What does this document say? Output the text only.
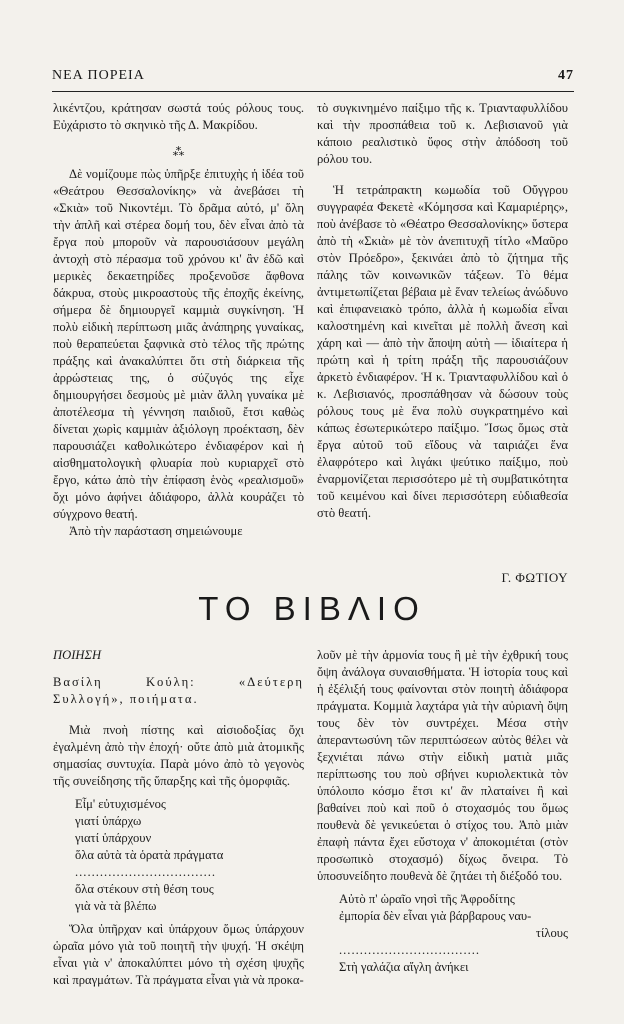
ΝΕΑ ΠΟΡΕΙΑ	47

λικέντζου, κράτησαν σωστά τούς ρόλους τους. Εὐχάριστο τὸ σκηνικὸ τῆς Δ. Μακρίδου.

⁂

Δὲ νομίζουμε πὼς ὑπῆρξε ἐπιτυχὴς ἡ ἰδέα τοῦ «Θεάτρου Θεσσαλονίκης» νὰ ἀνεβάσει τὴ «Σκιὰ» τοῦ Νικοντέμι. Τὸ δρᾶμα αὐτό, μ' ὅλη τὴν ἁπλῆ καὶ στέρεα δομή του, δὲν εἶναι ἀπὸ τὰ ἔργα ποὺ μποροῦν νὰ παρουσιάσουν μεγάλη ἀντοχὴ στὸ πέρασμα τοῦ χρόνου κι' ἂν ἐδῶ καὶ μερικὲς δεκαετηρίδες προξενοῦσε ἄφθονα δάκρυα, στοὺς μικροαστοὺς τῆς ἐποχῆς ἐκείνης, σήμερα δὲ δημιουργεῖ καμμιὰ συγκίνηση. Ἡ πολὺ εἰδικὴ περίπτωση μιᾶς ἀνάπηρης γυναίκας, ποὺ θεραπεύεται ξαφνικὰ στὸ τέλος τῆς πρώτης πράξης καὶ ἀνακαλύπτει ὅτι στὴ διάρκεια τῆς ἀρρώστειας της, ὁ σύζυγός της εἶχε δημιουργήσει δεσμοὺς μὲ μιὰν ἄλλη γυναίκα μὲ ἀποτέλεσμα τὴ γέννηση παιδιοῦ, ἔτσι καθὼς δίνεται χωρὶς καμμιὰν ἀξιόλογη προέκταση, δὲν παρουσιάζει καθολικώτερο ἐνδιαφέρον καὶ ἡ αἰσθηματολογικὴ φλυαρία ποὺ κυριαρχεῖ στὸ ἔργο, κάτω ἀπὸ τὴν ἐπίφαση ἑνὸς «ρεαλισμοῦ» ὄχι μόνο ἀφήνει ἀδιάφορο, ἀλλὰ κουράζει τὸ σύγχρονο θεατή.

Ἀπὸ τὴν παράσταση σημειώνουμε

τὸ συγκινημένο παίξιμο τῆς κ. Τριανταφυλλίδου καὶ τὴν προσπάθεια τοῦ κ. Λεβισιανοῦ γιὰ κάποιο ρεαλιστικὸ ὕφος στὴν ἀπόδοση τοῦ ρόλου του.

Ἡ τετράπρακτη κωμωδία τοῦ Οὔγγρου συγγραφέα Φεκετὲ «Κόμησσα καὶ Καμαριέρης», ποὺ ἀνέβασε τὸ «Θέατρο Θεσσαλονίκης» ὕστερα ἀπὸ τὴ «Σκιὰ» μὲ τὸν ἀνεπιτυχῆ τίτλο «Μαῦρο στὸν Πρόεδρο», ξεκινάει ἀπὸ τὸ ζήτημα τῆς πάλης τῶν κοινωνικῶν τάξεων. Τὸ θέμα ἀντιμετωπίζεται βέβαια μὲ ἕναν τελείως ἀνώδυνο καὶ ἐπιφανειακὸ τρόπο, ἀλλὰ ἡ κωμωδία εἶναι καλοστημένη καὶ κινεῖται μὲ πολλὴ ἄνεση καὶ χάρη καὶ — ἀπὸ τὴν ἄποψη αὐτὴ — ἰδιαίτερα ἡ πρώτη καὶ ἡ τρίτη πράξη τῆς παρουσιάζουν ἀρκετὸ ἐνδιαφέρον. Ἡ κ. Τριανταφυλλίδου καὶ ὁ κ. Λεβισιανός, προσπάθησαν νὰ δώσουν τοὺς ρόλους τους μὲ ἕνα πολὺ συγκρατημένο καὶ κάπως ἐσωτερικώτερο παίξιμο. Ἴσως ὅμως στὰ ἔργα αὐτοῦ τοῦ εἴδους νὰ ταιριάζει ἕνα ἐλαφρότερο καὶ λιγάκι ψεύτικο παίξιμο, ποὺ ἐναρμονίζεται περισσότερο μὲ τὴ συμβατικότητα τοῦ κειμένου καὶ δίνει περισσότερη εὐδιαθεσία στὸ θεατή.

Γ. ΦΩΤΙΟΥ
ΤΟ ΒΙΒΛΙΟ

ΠΟΙΗΣΗ

Βασίλη Κούλη: «Δεύτερη Συλλογή», ποιήματα.

Μιὰ πνοὴ πίστης καὶ αἰσιοδοξίας ὄχι ἐγαλμένη ἀπὸ τὴν ἐποχή· οὔτε ἀπὸ μιὰ ἀτομικῆς σημασίας συντυχία. Παρὰ μόνο ἀπὸ τὸ γεγονὸς τῆς συνείδησης τῆς ὕπαρξης καὶ τῆς ὁμορφιᾶς.

Εἶμ' εὐτυχισμένος
γιατί ὑπάρχω
γιατί ὑπάρχουν
ὅλα αὐτὰ τὰ ὁρατὰ πράγματα
..................................
ὅλα στέκουν στὴ θέση τους
γιὰ νὰ τὰ βλέπω

Ὅλα ὑπῆρχαν καὶ ὑπάρχουν ὅμως ὑπάρχουν ὡραῖα μόνο γιὰ τοῦ ποιητῆ τὴν ψυχή. Ἡ σκέψη εἶναι γιὰ ν' ἀποκαλύπτει μόνο τὴ σχέση ψυχῆς καὶ πραγμάτων. Τὰ πράγματα εἶναι γιὰ νὰ προκα-

λοῦν μὲ τὴν ἁρμονία τους ἢ μὲ τὴν ἐχθρική τους ὄψη ἀνάλογα συναισθήματα. Ἡ ἱστορία τους καὶ ἡ ἐξέλιξή τους φαίνονται στὸν ποιητὴ ἀδιάφορα πράγματα. Κομμιὰ λαχτάρα γιὰ τὴν αὐριανὴ ὄψη τους δὲν τὸν συντρέχει. Μέσα στὴν ἀπεραντωσύνη τῶν περιπτώσεων αὐτὸς θέλει νὰ ξεχνιέται πάνω στὴν εἰδικὴ ματιὰ μιᾶς περίπτωσης του ποὺ σβήνει κυριολεκτικὰ τὸν ὑπόλοιπο κόσμο ἔτσι κι' ἂν πλαταίνει ἢ καὶ βαθαίνει ποὺ καὶ ποῦ ὁ στοχασμός του ὅμως πουθενὰ δὲ γενικεύεται ὁ στίχος του. Ἀπὸ μιὰν ἐπαφὴ πάντα ἔχει εὔστοχα ν' ἀποκομιέται (στὸν προσωπικὸ στοχασμό) δίχως ὄνειρα. Τὸ ὑποσυνείδητο πουθενὰ δὲ ζητάει τὴ διέξοδό του.

Αὐτὸ π' ὡραῖο νησὶ τῆς Ἀφροδίτης
ἐμπορία δὲν εἶναι γιὰ βάρβαρους ναυ-
τίλους
..................................
Στὴ γαλάζια αἴγλη ἀνήκει
